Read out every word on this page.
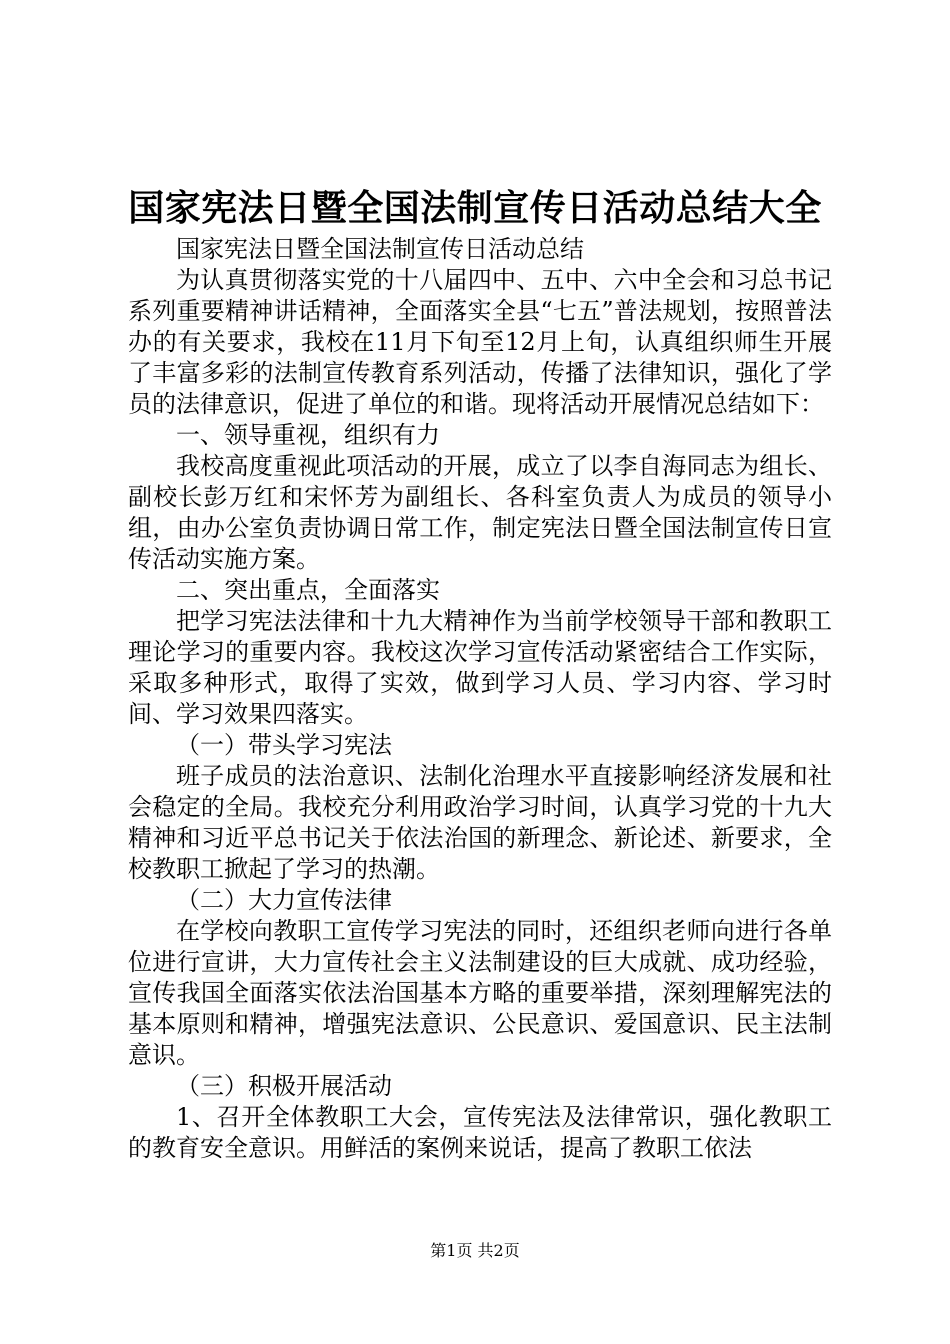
国家宪法日暨全国法制宣传日活动总结大全

国家宪法日暨全国法制宣传日活动总结

为认真贯彻落实党的十八届四中、五中、六中全会和习总书记系列重要精神讲话精神，全面落实全县“七五”普法规划，按照普法办的有关要求，我校在11月下旬至12月上旬，认真组织师生开展了丰富多彩的法制宣传教育系列活动，传播了法律知识，强化了学员的法律意识，促进了单位的和谐。现将活动开展情况总结如下：

一、领导重视，组织有力

我校高度重视此项活动的开展，成立了以李自海同志为组长、副校长彭万红和宋怀芳为副组长、各科室负责人为成员的领导小组，由办公室负责协调日常工作，制定宪法日暨全国法制宣传日宣传活动实施方案。

二、突出重点，全面落实

把学习宪法法律和十九大精神作为当前学校领导干部和教职工理论学习的重要内容。我校这次学习宣传活动紧密结合工作实际，采取多种形式，取得了实效，做到学习人员、学习内容、学习时间、学习效果四落实。

（一）带头学习宪法

班子成员的法治意识、法制化治理水平直接影响经济发展和社会稳定的全局。我校充分利用政治学习时间，认真学习党的十九大精神和习近平总书记关于依法治国的新理念、新论述、新要求，全校教职工掀起了学习的热潮。

（二）大力宣传法律

在学校向教职工宣传学习宪法的同时，还组织老师向进行各单位进行宣讲，大力宣传社会主义法制建设的巨大成就、成功经验，宣传我国全面落实依法治国基本方略的重要举措，深刻理解宪法的基本原则和精神，增强宪法意识、公民意识、爱国意识、民主法制意识。

（三）积极开展活动

1、召开全体教职工大会，宣传宪法及法律常识，强化教职工的教育安全意识。用鲜活的案例来说话，提高了教职工依法

第1页 共2页
